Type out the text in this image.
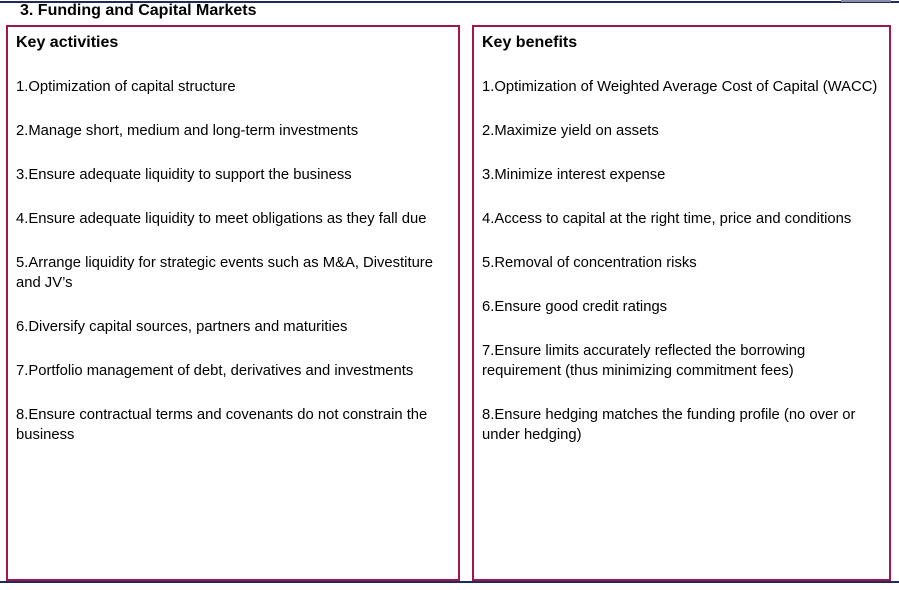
3. Funding and Capital Markets
Key activities
1.Optimization of capital structure
2.Manage short, medium and long-term investments
3.Ensure adequate liquidity to support the business
4.Ensure adequate liquidity to meet obligations as they fall due
5.Arrange liquidity for strategic events such as M&A, Divestiture and JV’s
6.Diversify capital sources, partners and maturities
7.Portfolio management of debt, derivatives and investments
8.Ensure contractual terms and covenants do not constrain the business
Key benefits
1.Optimization of Weighted Average Cost of Capital (WACC)
2.Maximize yield on assets
3.Minimize interest expense
4.Access to capital at the right time, price and conditions
5.Removal of concentration risks
6.Ensure good credit ratings
7.Ensure limits accurately reflected the borrowing requirement (thus minimizing commitment fees)
8.Ensure hedging matches the funding profile (no over or under hedging)
